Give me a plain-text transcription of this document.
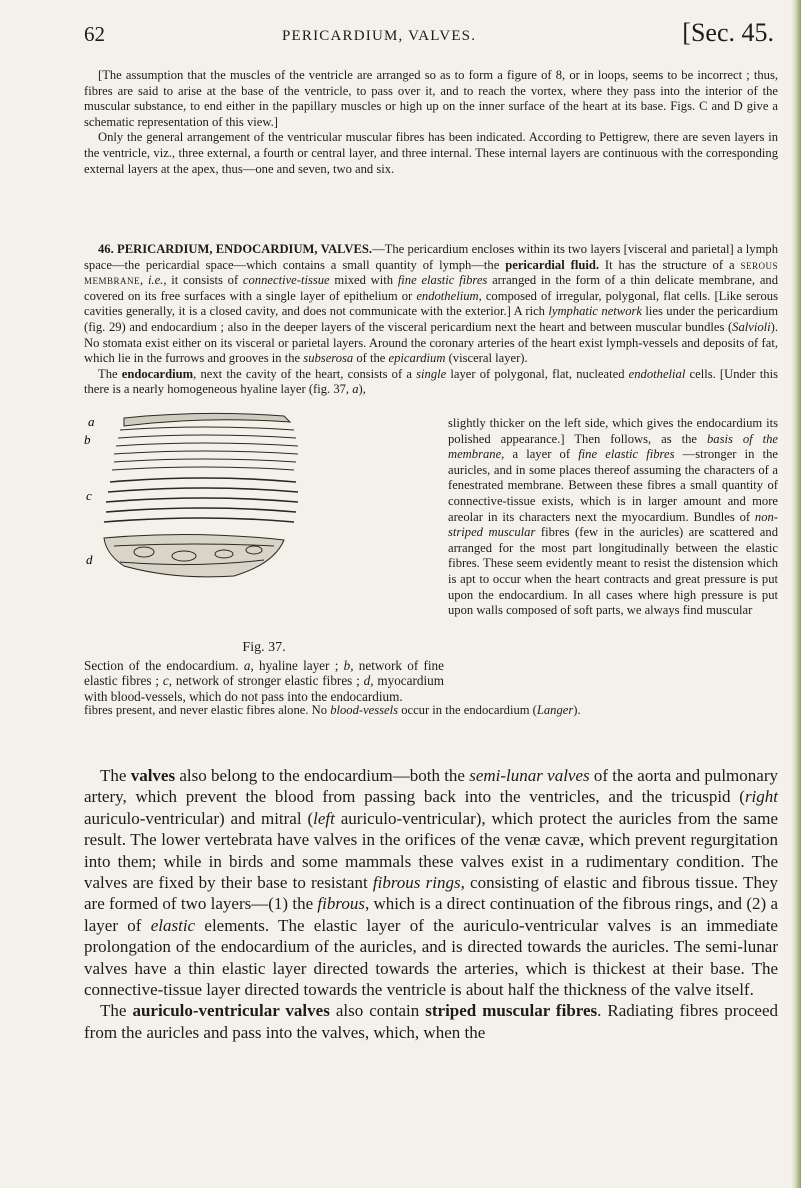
62	PERICARDIUM, VALVES.	[Sec. 45.

[The assumption that the muscles of the ventricle are arranged so as to form a figure of 8, or in loops, seems to be incorrect ; thus, fibres are said to arise at the base of the ventricle, to pass over it, and to reach the vortex, where they pass into the interior of the muscular substance, to end either in the papillary muscles or high up on the inner surface of the heart at its base. Figs. C and D give a schematic representation of this view.]

Only the general arrangement of the ventricular muscular fibres has been indicated. According to Pettigrew, there are seven layers in the ventricle, viz., three external, a fourth or central layer, and three internal. These internal layers are continuous with the corresponding external layers at the apex, thus—one and seven, two and six.

46. PERICARDIUM, ENDOCARDIUM, VALVES.—The pericardium encloses within its two layers [visceral and parietal] a lymph space—the pericardial space—which contains a small quantity of lymph—the pericardial fluid. It has the structure of a serous membrane, i.e., it consists of connective-tissue mixed with fine elastic fibres arranged in the form of a thin delicate membrane, and covered on its free surfaces with a single layer of epithelium or endothelium, composed of irregular, polygonal, flat cells. [Like serous cavities generally, it is a closed cavity, and does not communicate with the exterior.] A rich lymphatic network lies under the pericardium (fig. 29) and endocardium ; also in the deeper layers of the visceral pericardium next the heart and between muscular bundles (Salvioli). No stomata exist either on its visceral or parietal layers. Around the coronary arteries of the heart exist lymph-vessels and deposits of fat, which lie in the furrows and grooves in the subserosa of the epicardium (visceral layer).

The endocardium, next the cavity of the heart, consists of a single layer of polygonal, flat, nucleated endothelial cells. [Under this there is a nearly homogeneous hyaline layer (fig. 37, a),

a
b
c
d
slightly thicker on the left side, which gives the endocardium its polished appearance.] Then follows, as the basis of the membrane, a layer of fine elastic fibres —stronger in the auricles, and in some places thereof assuming the characters of a fenestrated membrane. Between these fibres a small quantity of connective-tissue exists, which is in larger amount and more areolar in its characters next the myocardium. Bundles of non-striped muscular fibres (few in the auricles) are scattered and arranged for the most part longitudinally between the elastic fibres. These seem evidently meant to resist the distension which is apt to occur when the heart contracts and great pressure is put upon the endocardium. In all cases where high pressure is put upon walls composed of soft parts, we always find muscular
Fig. 37.
Section of the endocardium. a, hyaline layer ; b, network of fine elastic fibres ; c, network of stronger elastic fibres ; d, myocardium with blood-vessels, which do not pass into the endocardium.

fibres present, and never elastic fibres alone. No blood-vessels occur in the endocardium (Langer).

The valves also belong to the endocardium—both the semi-lunar valves of the aorta and pulmonary artery, which prevent the blood from passing back into the ventricles, and the tricuspid (right auriculo-ventricular) and mitral (left auriculo-ventricular), which protect the auricles from the same result. The lower vertebrata have valves in the orifices of the venæ cavæ, which prevent regurgitation into them; while in birds and some mammals these valves exist in a rudimentary condition. The valves are fixed by their base to resistant fibrous rings, consisting of elastic and fibrous tissue. They are formed of two layers—(1) the fibrous, which is a direct continuation of the fibrous rings, and (2) a layer of elastic elements. The elastic layer of the auriculo-ventricular valves is an immediate prolongation of the endocardium of the auricles, and is directed towards the auricles. The semi-lunar valves have a thin elastic layer directed towards the arteries, which is thickest at their base. The connective-tissue layer directed towards the ventricle is about half the thickness of the valve itself.

The auriculo-ventricular valves also contain striped muscular fibres. Radiating fibres proceed from the auricles and pass into the valves, which, when the
